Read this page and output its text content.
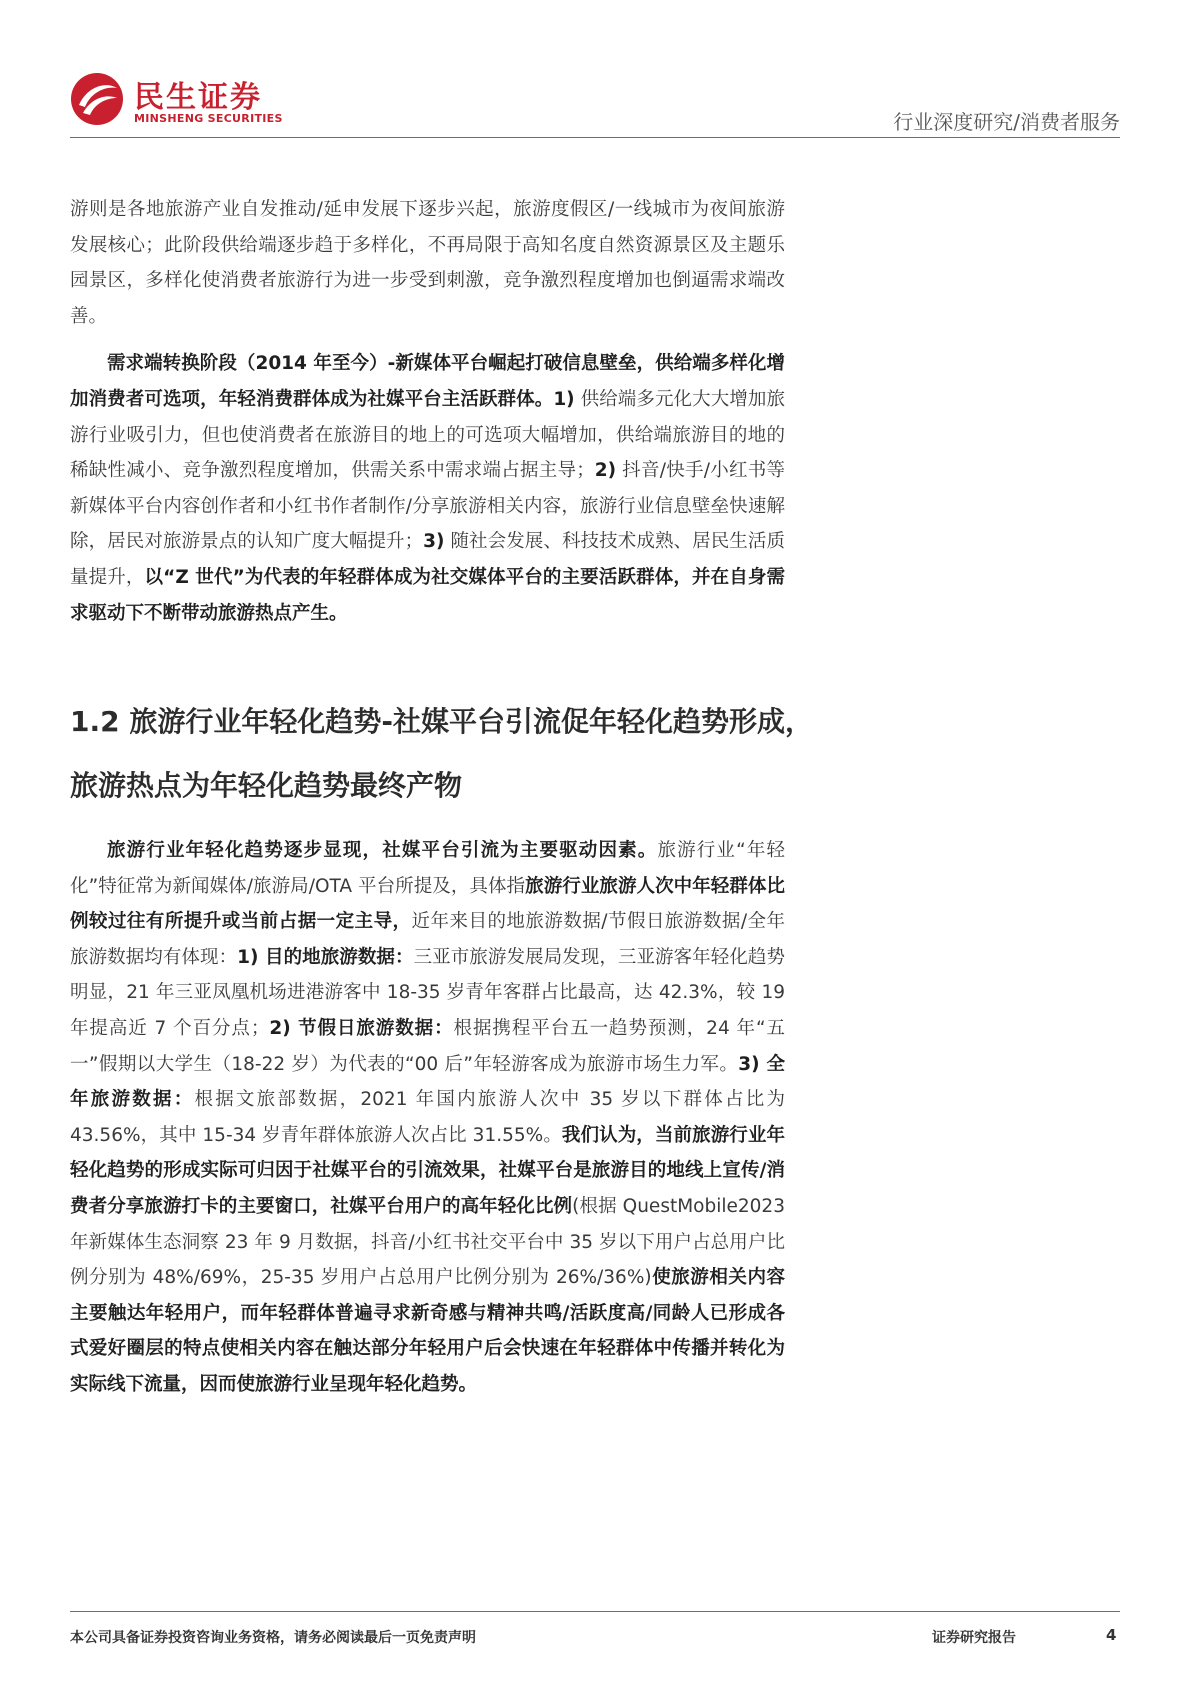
民生证券
MINSHENG SECURITIES	行业深度研究/消费者服务

游则是各地旅游产业自发推动/延申发展下逐步兴起，旅游度假区/一线城市为夜间旅游发展核心；此阶段供给端逐步趋于多样化，不再局限于高知名度自然资源景区及主题乐园景区，多样化使消费者旅游行为进一步受到刺激，竞争激烈程度增加也倒逼需求端改善。

需求端转换阶段（2014 年至今）-新媒体平台崛起打破信息壁垒，供给端多样化增加消费者可选项，年轻消费群体成为社媒平台主活跃群体。1) 供给端多元化大大增加旅游行业吸引力，但也使消费者在旅游目的地上的可选项大幅增加，供给端旅游目的地的稀缺性减小、竞争激烈程度增加，供需关系中需求端占据主导；2) 抖音/快手/小红书等新媒体平台内容创作者和小红书作者制作/分享旅游相关内容，旅游行业信息壁垒快速解除，居民对旅游景点的认知广度大幅提升；3) 随社会发展、科技技术成熟、居民生活质量提升，以“Z 世代”为代表的年轻群体成为社交媒体平台的主要活跃群体，并在自身需求驱动下不断带动旅游热点产生。

1.2 旅游行业年轻化趋势-社媒平台引流促年轻化趋势形成，
旅游热点为年轻化趋势最终产物

旅游行业年轻化趋势逐步显现，社媒平台引流为主要驱动因素。旅游行业“年轻化”特征常为新闻媒体/旅游局/OTA 平台所提及，具体指旅游行业旅游人次中年轻群体比例较过往有所提升或当前占据一定主导，近年来目的地旅游数据/节假日旅游数据/全年旅游数据均有体现：1) 目的地旅游数据：三亚市旅游发展局发现，三亚游客年轻化趋势明显，21 年三亚凤凰机场进港游客中 18-35 岁青年客群占比最高，达 42.3%，较 19 年提高近 7 个百分点；2) 节假日旅游数据：根据携程平台五一趋势预测，24 年“五一”假期以大学生（18-22 岁）为代表的“00 后”年轻游客成为旅游市场生力军。3) 全年旅游数据：根据文旅部数据，2021 年国内旅游人次中 35 岁以下群体占比为 43.56%，其中 15-34 岁青年群体旅游人次占比 31.55%。我们认为，当前旅游行业年轻化趋势的形成实际可归因于社媒平台的引流效果，社媒平台是旅游目的地线上宣传/消费者分享旅游打卡的主要窗口，社媒平台用户的高年轻化比例(根据 QuestMobile2023 年新媒体生态洞察 23 年 9 月数据，抖音/小红书社交平台中 35 岁以下用户占总用户比例分别为 48%/69%，25-35 岁用户占总用户比例分别为 26%/36%)使旅游相关内容主要触达年轻用户，而年轻群体普遍寻求新奇感与精神共鸣/活跃度高/同龄人已形成各式爱好圈层的特点使相关内容在触达部分年轻用户后会快速在年轻群体中传播并转化为实际线下流量，因而使旅游行业呈现年轻化趋势。

本公司具备证券投资咨询业务资格，请务必阅读最后一页免责声明	证券研究报告	4
